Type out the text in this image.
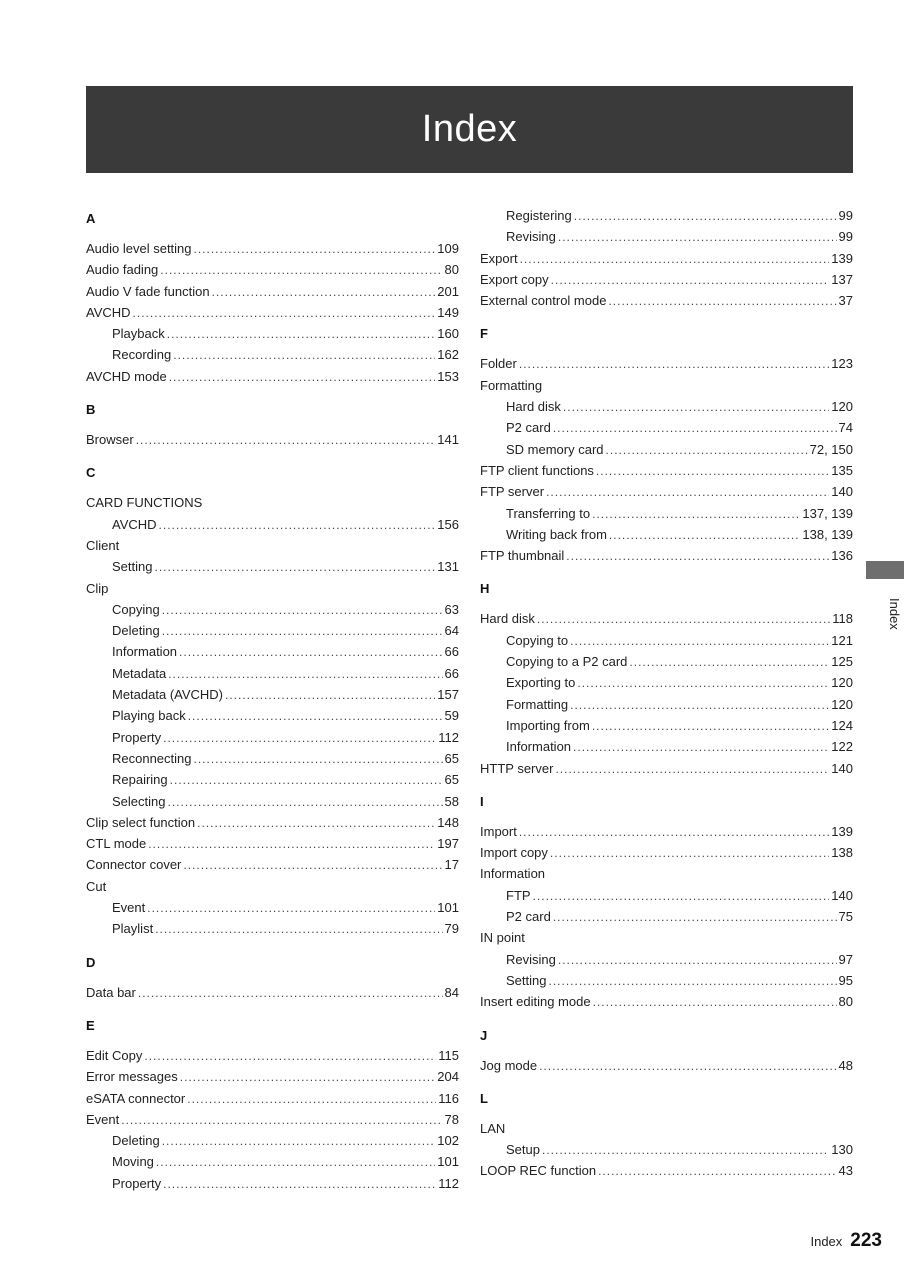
Index
A
Audio level setting .....	109
Audio fading .....	80
Audio V fade function .....	201
AVCHD .....	149
Playback .....	160
Recording .....	162
AVCHD mode .....	153
B
Browser .....	141
C
CARD FUNCTIONS
AVCHD .....	156
Client
Setting .....	131
Clip
Copying .....	63
Deleting .....	64
Information .....	66
Metadata .....	66
Metadata (AVCHD) .....	157
Playing back .....	59
Property .....	112
Reconnecting .....	65
Repairing .....	65
Selecting .....	58
Clip select function .....	148
CTL mode .....	197
Connector cover .....	17
Cut
Event .....	101
Playlist .....	79
D
Data bar .....	84
E
Edit Copy .....	115
Error messages .....	204
eSATA connector .....	116
Event .....	78
Deleting .....	102
Moving .....	101
Property .....	112
Registering .....	99
Revising .....	99
Export .....	139
Export copy .....	137
External control mode .....	37
F
Folder .....	123
Formatting
Hard disk .....	120
P2 card .....	74
SD memory card .....	72, 150
FTP client functions .....	135
FTP server .....	140
Transferring to .....	137, 139
Writing back from .....	138, 139
FTP thumbnail .....	136
H
Hard disk .....	118
Copying to .....	121
Copying to a P2 card .....	125
Exporting to .....	120
Formatting .....	120
Importing from .....	124
Information .....	122
HTTP server .....	140
I
Import .....	139
Import copy .....	138
Information
FTP .....	140
P2 card .....	75
IN point
Revising .....	97
Setting .....	95
Insert editing mode .....	80
J
Jog mode .....	48
L
LAN
Setup .....	130
LOOP REC function .....	43
Index
Index 223
